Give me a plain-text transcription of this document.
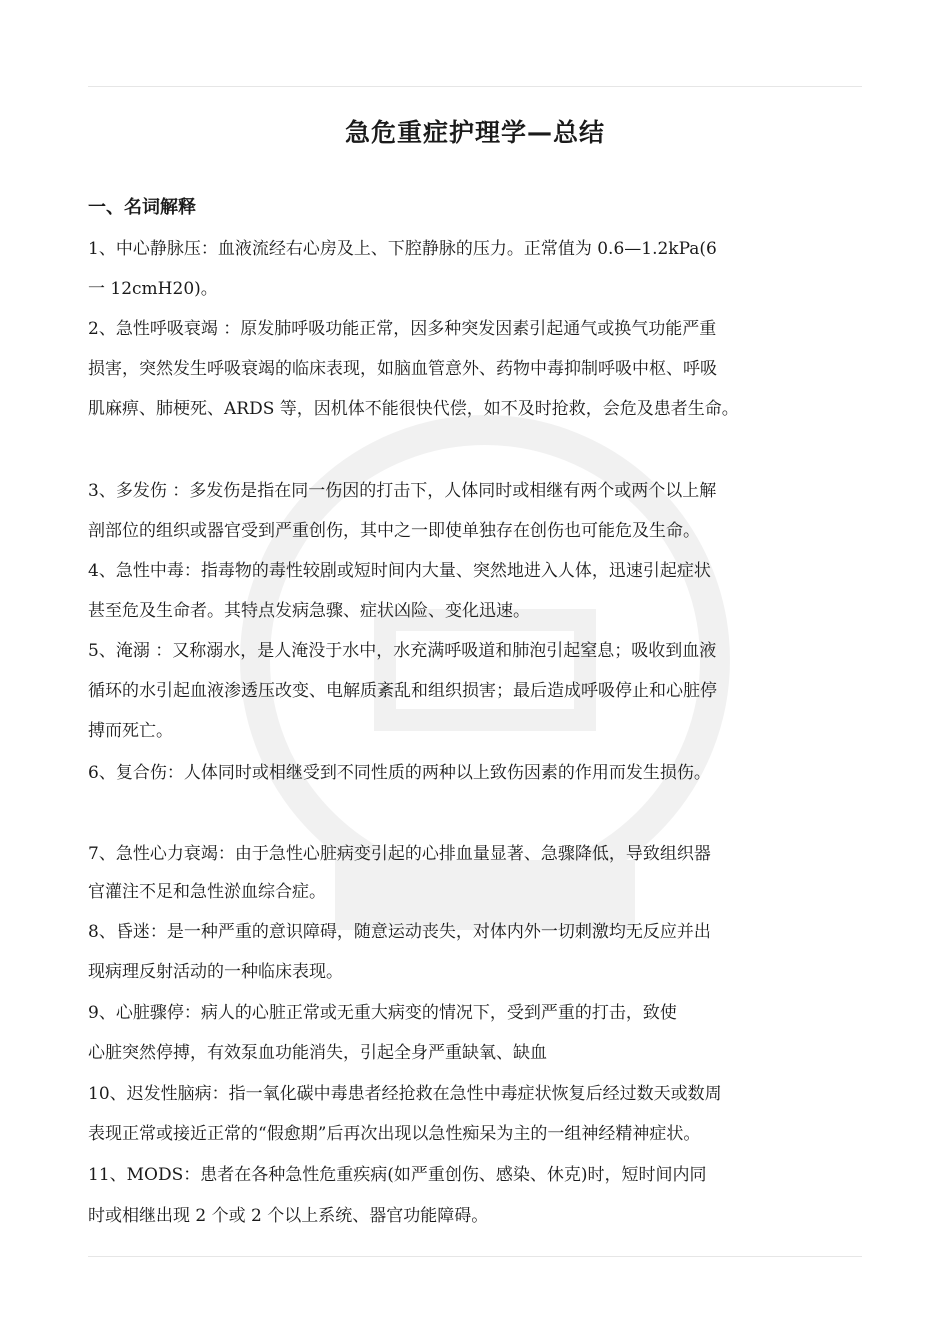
急危重症护理学—总结
一、名词解释
1、中心静脉压：血液流经右心房及上、下腔静脉的压力。正常值为 0.6—1.2kPa(6
一 12cmH20)。
2、急性呼吸衰竭 ：原发肺呼吸功能正常，因多种突发因素引起通气或换气功能严重
损害，突然发生呼吸衰竭的临床表现，如脑血管意外、药物中毒抑制呼吸中枢、呼吸
肌麻痹、肺梗死、ARDS 等，因机体不能很快代偿，如不及时抢救，会危及患者生命。
3、多发伤 ：多发伤是指在同一伤因的打击下，人体同时或相继有两个或两个以上解
剖部位的组织或器官受到严重创伤，其中之一即使单独存在创伤也可能危及生命。
4、急性中毒：指毒物的毒性较剧或短时间内大量、突然地进入人体，迅速引起症状
甚至危及生命者。其特点发病急骤、症状凶险、变化迅速。
5、淹溺 ：又称溺水，是人淹没于水中，水充满呼吸道和肺泡引起窒息；吸收到血液
循环的水引起血液渗透压改变、电解质紊乱和组织损害；最后造成呼吸停止和心脏停
搏而死亡。
6、复合伤：人体同时或相继受到不同性质的两种以上致伤因素的作用而发生损伤。
7、急性心力衰竭：由于急性心脏病变引起的心排血量显著、急骤降低，导致组织器
官灌注不足和急性淤血综合症。
8、昏迷：是一种严重的意识障碍，随意运动丧失，对体内外一切刺激均无反应并出
现病理反射活动的一种临床表现。
9、心脏骤停：病人的心脏正常或无重大病变的情况下，受到严重的打击，致使
心脏突然停搏，有效泵血功能消失，引起全身严重缺氧、缺血
10、迟发性脑病：指一氧化碳中毒患者经抢救在急性中毒症状恢复后经过数天或数周
表现正常或接近正常的“假愈期”后再次出现以急性痴呆为主的一组神经精神症状。
11、MODS：患者在各种急性危重疾病(如严重创伤、感染、休克)时，短时间内同
时或相继出现 2 个或 2 个以上系统、器官功能障碍。
